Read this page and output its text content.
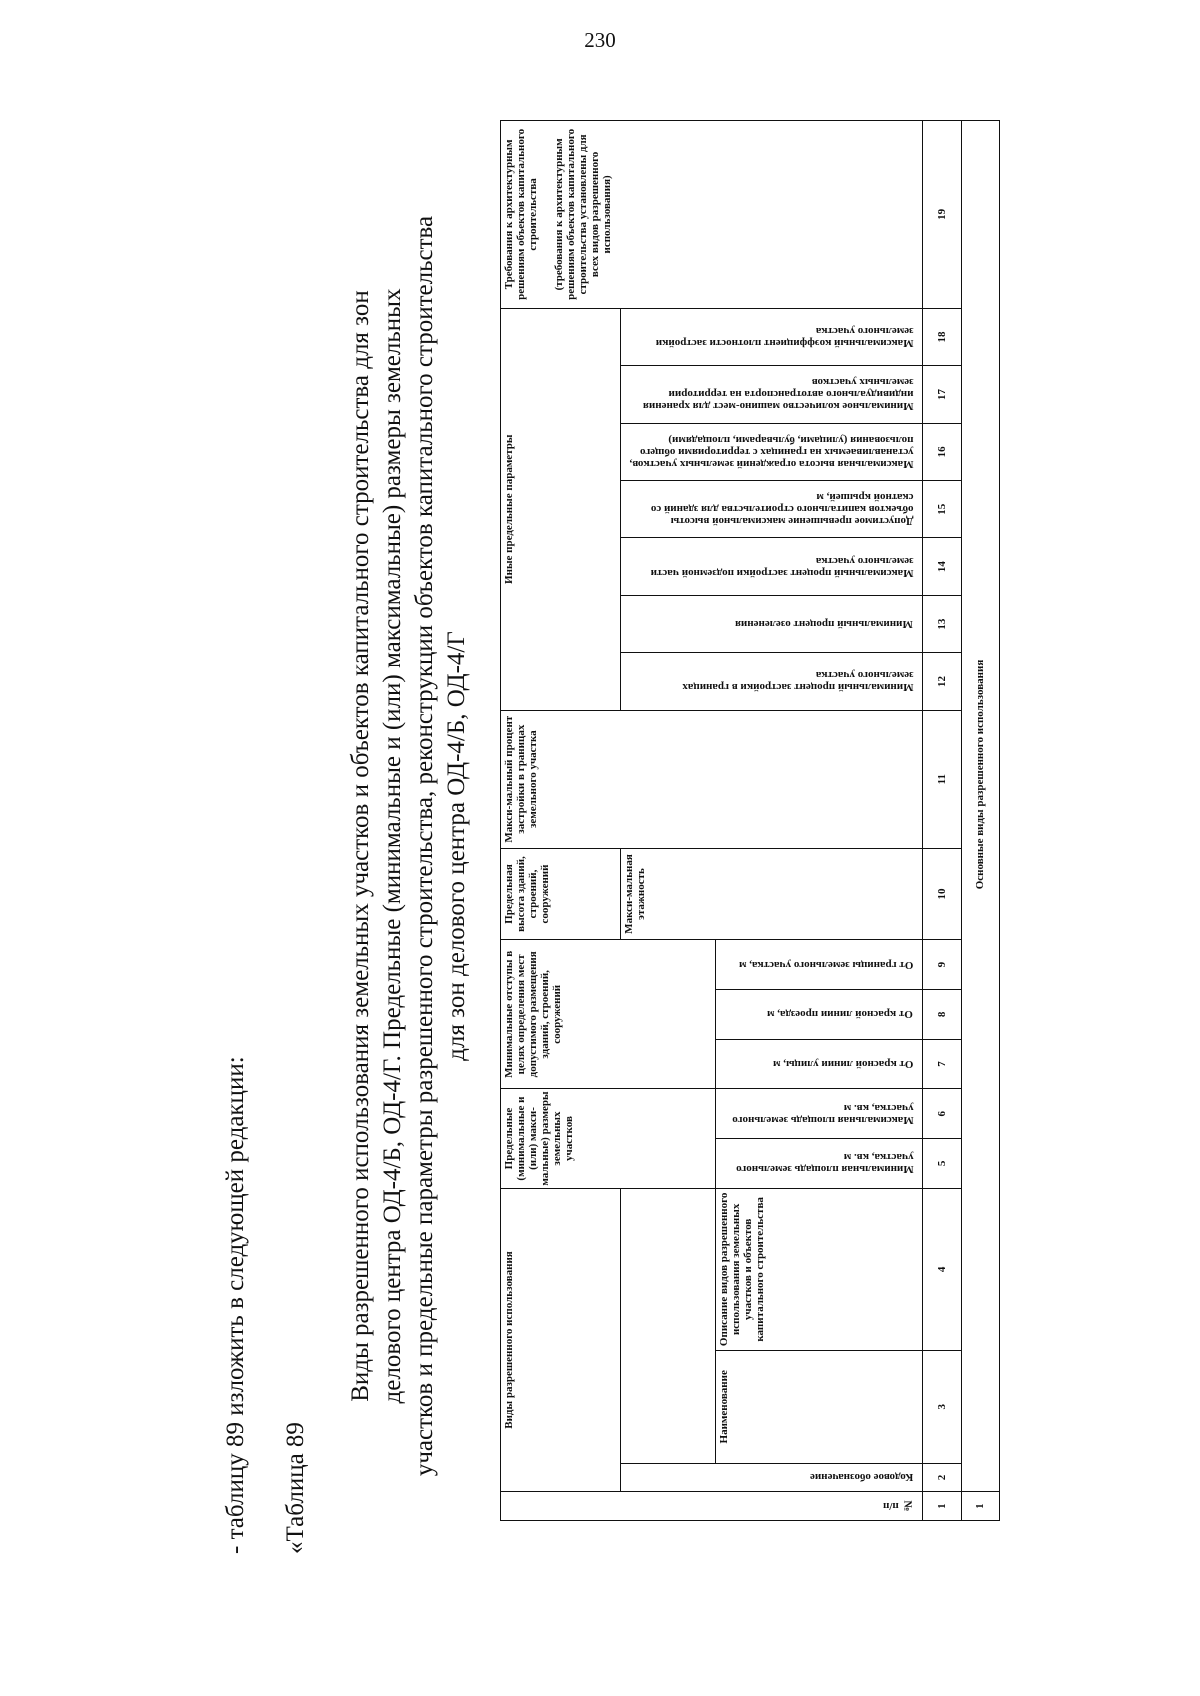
230
- таблицу 89 изложить в следующей редакции: «Таблица 89
Виды разрешенного использования земельных участков и объектов капитального строительства для зон делового центра ОД-4/Б, ОД-4/Г. Предельные (минимальные и (или) максимальные) размеры земельных участков и предельные параметры разрешенного строительства, реконструкции объектов капитального строительства для зон делового центра ОД-4/Б, ОД-4/Г
№ п/п	Виды разрешенного использования			Предельные (минимальные и (или) макси-мальные) размеры земельных участков		Минимальные отступы в целях определения мест допустимого размещения зданий, строений, сооружений			Предельная высота зданий, строений, сооружений	Макси-мальный процент застройки в границах земельного участка	Иные предельные параметры							Требования к архитектурным решениям объектов капитального строительства (требования к архитектурным решениям объектов капитального строительства установлены для всех видов разрешенного использования)

	Кодовое обозначение								Макси-мальная этажность		Минимальный процент застройки в границах земельного участка	Минимальный процент озеленения	Максимальный процент застройки подземной части земельного участка	Допустимое превышение максимальной высоты объектов капитального строительства для зданий со скатной крышей, м	Максимальная высота ограждений земельных участков, устанавливаемых на границах с территориями общего пользования (улицами, бульварами, площадями)	Минимальное количество машино-мест для хранения индивидуального автотранспорта на территории земельных участков	Максимальный коэффициент плотности застройки земельного участка	
		Наименование	Описание видов разрешенного использования земельных участков и объектов капитального строительства	Минимальная площадь земельного участка, кв. м	Максимальная площадь земельного участка, кв. м	От красной линии улицы, м	От красной линии проезда, м	От границы земельного участка, м										
1	2	3	4	5	6	7	8	9	10	11	12	13	14	15	16	17	18	19
1	Основные виды разрешенного использования																	
